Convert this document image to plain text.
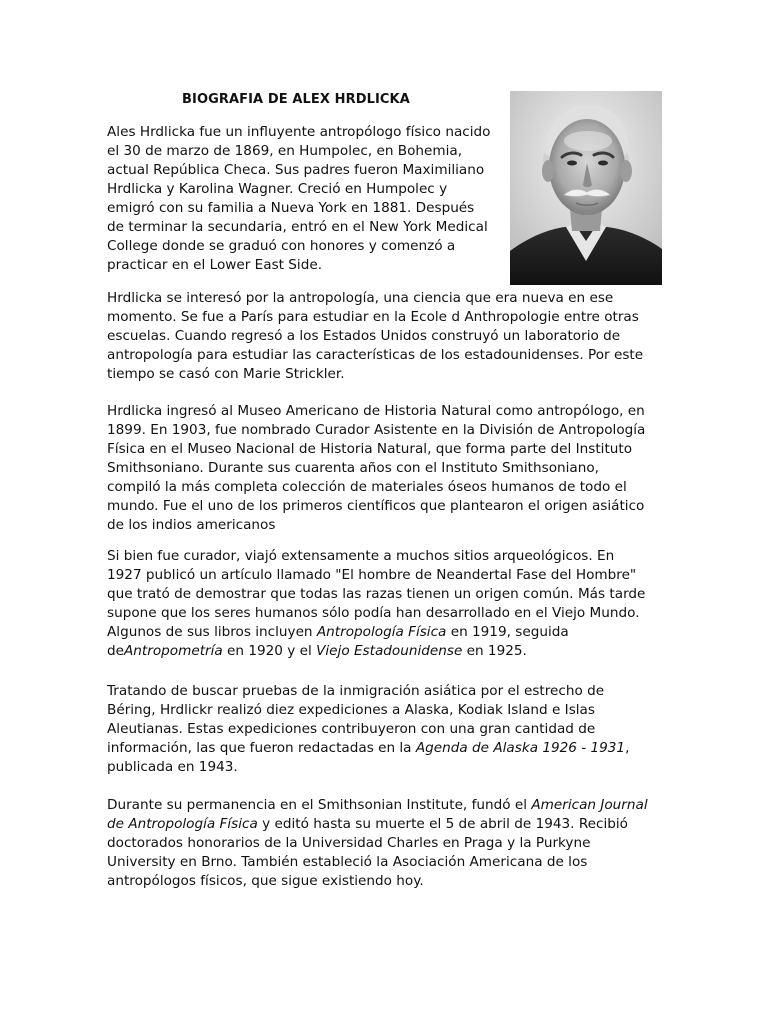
BIOGRAFIA DE ALEX HRDLICKA

Ales Hrdlicka fue un influyente antropólogo físico nacido
el 30 de marzo de 1869, en Humpolec, en Bohemia,
actual República Checa. Sus padres fueron Maximiliano
Hrdlicka y Karolina Wagner. Creció en Humpolec y
emigró con su familia a Nueva York en 1881. Después
de terminar la secundaria, entró en el New York Medical
College donde se graduó con honores y comenzó a
practicar en el Lower East Side.

Hrdlicka se interesó por la antropología, una ciencia que era nueva en ese
momento. Se fue a París para estudiar en la Ecole d Anthropologie entre otras
escuelas. Cuando regresó a los Estados Unidos construyó un laboratorio de
antropología para estudiar las características de los estadounidenses. Por este
tiempo se casó con Marie Strickler.

Hrdlicka ingresó al Museo Americano de Historia Natural como antropólogo, en
1899. En 1903, fue nombrado Curador Asistente en la División de Antropología
Física en el Museo Nacional de Historia Natural, que forma parte del Instituto
Smithsoniano. Durante sus cuarenta años con el Instituto Smithsoniano,
compiló la más completa colección de materiales óseos humanos de todo el
mundo. Fue el uno de los primeros científicos que plantearon el origen asiático
de los indios americanos

Si bien fue curador, viajó extensamente a muchos sitios arqueológicos. En
1927 publicó un artículo llamado "El hombre de Neandertal Fase del Hombre"
que trató de demostrar que todas las razas tienen un origen común. Más tarde
supone que los seres humanos sólo podía han desarrollado en el Viejo Mundo.
Algunos de sus libros incluyen Antropología Física en 1919, seguida
deAntropometría en 1920 y el Viejo Estadounidense en 1925.

Tratando de buscar pruebas de la inmigración asiática por el estrecho de
Béring, Hrdlickr realizó diez expediciones a Alaska, Kodiak Island e Islas
Aleutianas. Estas expediciones contribuyeron con una gran cantidad de
información, las que fueron redactadas en la Agenda de Alaska 1926 - 1931,
publicada en 1943.

Durante su permanencia en el Smithsonian Institute, fundó el American Journal
de Antropología Física y editó hasta su muerte el 5 de abril de 1943. Recibió
doctorados honorarios de la Universidad Charles en Praga y la Purkyne
University en Brno. También estableció la Asociación Americana de los
antropólogos físicos, que sigue existiendo hoy.
